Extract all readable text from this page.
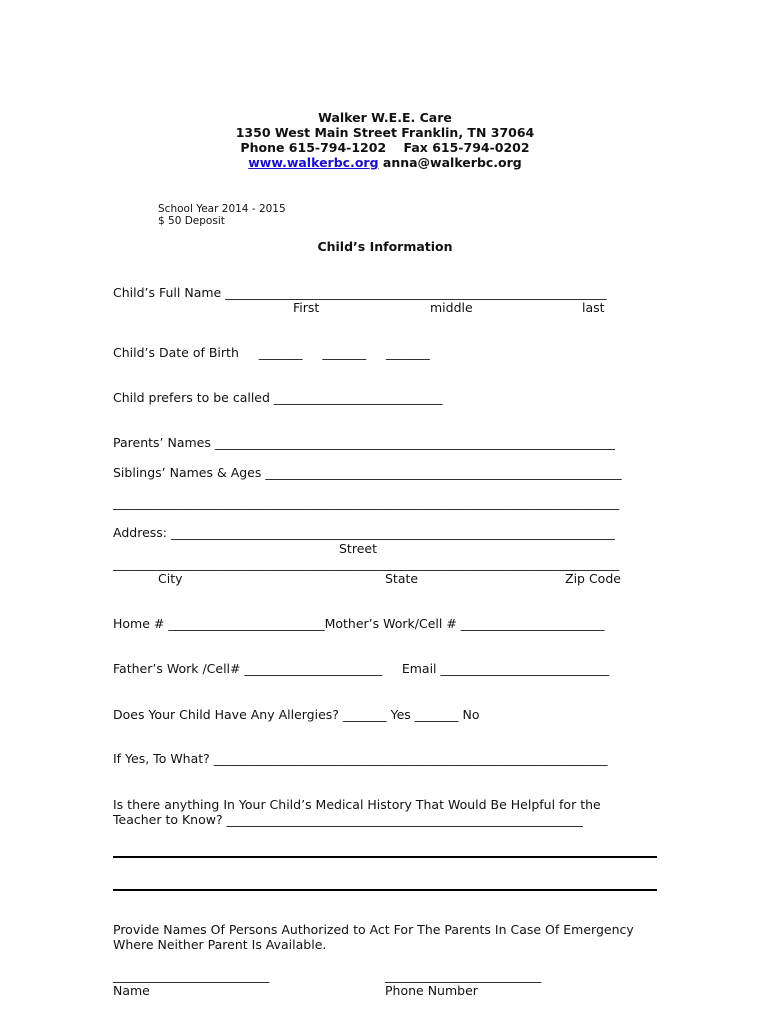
Walker W.E.E. Care
1350 West Main Street Franklin, TN 37064
Phone 615-794-1202    Fax 615-794-0202
www.walkerbc.org anna@walkerbc.org
School Year 2014 - 2015
$ 50 Deposit
Child’s Information
Child’s Full Name _____________________________________________________________
First	middle	last
Child’s Date of Birth     _______     _______     _______
Child prefers to be called ___________________________
Parents’ Names ________________________________________________________________
Siblings’ Names & Ages _________________________________________________________
_________________________________________________________________________________
Address: _______________________________________________________________________
Street
_________________________________________________________________________________
City	State	Zip Code
Home # _________________________Mother’s Work/Cell # _______________________
Father’s Work /Cell# ______________________     Email ___________________________
Does Your Child Have Any Allergies? _______ Yes _______ No
If Yes, To What? _______________________________________________________________
Is there anything In Your Child’s Medical History That Would Be Helpful for the
Teacher to Know? _________________________________________________________
Provide Names Of Persons Authorized to Act For The Parents In Case Of Emergency
Where Neither Parent Is Available.
_________________________	_________________________
Name	Phone Number
